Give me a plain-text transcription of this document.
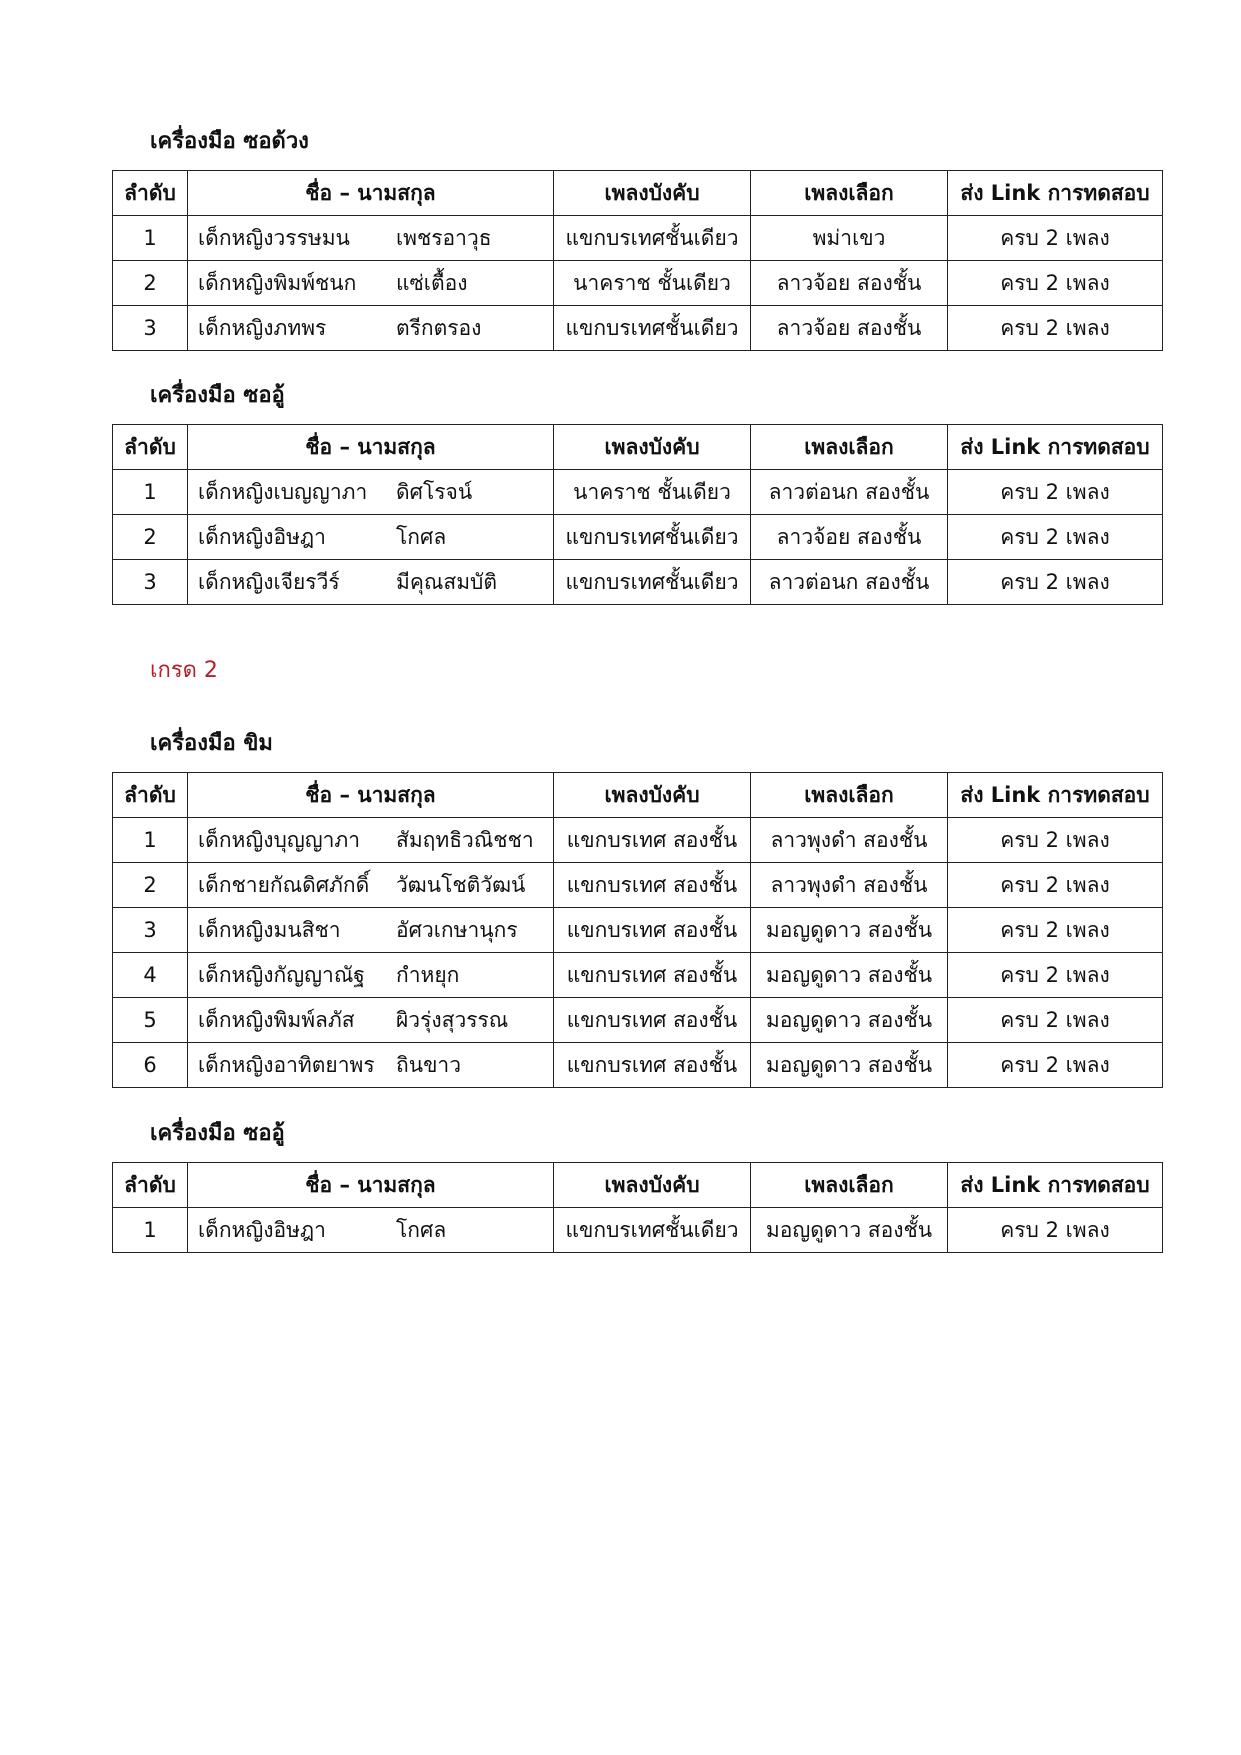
เครื่องมือ ซอด้วง
ลำดับ	ชื่อ – นามสกุล	เพลงบังคับ	เพลงเลือก	ส่ง Link การทดสอบ
1	เด็กหญิงวรรษมน เพชรอาวุธ	แขกบรเทศชั้นเดียว	พม่าเขว	ครบ 2 เพลง
2	เด็กหญิงพิมพ์ชนก แซ่เตื้อง	นาคราช ชั้นเดียว	ลาวจ้อย สองชั้น	ครบ 2 เพลง
3	เด็กหญิงภทพร ตรีกตรอง	แขกบรเทศชั้นเดียว	ลาวจ้อย สองชั้น	ครบ 2 เพลง
เครื่องมือ ซออู้
ลำดับ	ชื่อ – นามสกุล	เพลงบังคับ	เพลงเลือก	ส่ง Link การทดสอบ
1	เด็กหญิงเบญญาภา ดิศโรจน์	นาคราช ชั้นเดียว	ลาวต่อนก สองชั้น	ครบ 2 เพลง
2	เด็กหญิงอิษฎา โกศล	แขกบรเทศชั้นเดียว	ลาวจ้อย สองชั้น	ครบ 2 เพลง
3	เด็กหญิงเจียรวีร์ มีคุณสมบัติ	แขกบรเทศชั้นเดียว	ลาวต่อนก สองชั้น	ครบ 2 เพลง
เกรด 2
เครื่องมือ ขิม
ลำดับ	ชื่อ – นามสกุล	เพลงบังคับ	เพลงเลือก	ส่ง Link การทดสอบ
1	เด็กหญิงบุญญาภา สัมฤทธิวณิชชา	แขกบรเทศ สองชั้น	ลาวพุงดำ สองชั้น	ครบ 2 เพลง
2	เด็กชายกัณดิศภักดิ์ วัฒนโชติวัฒน์	แขกบรเทศ สองชั้น	ลาวพุงดำ สองชั้น	ครบ 2 เพลง
3	เด็กหญิงมนสิชา อัศวเกษานุกร	แขกบรเทศ สองชั้น	มอญดูดาว สองชั้น	ครบ 2 เพลง
4	เด็กหญิงกัญญาณัฐ กำหยุก	แขกบรเทศ สองชั้น	มอญดูดาว สองชั้น	ครบ 2 เพลง
5	เด็กหญิงพิมพ์ลภัส ผิวรุ่งสุวรรณ	แขกบรเทศ สองชั้น	มอญดูดาว สองชั้น	ครบ 2 เพลง
6	เด็กหญิงอาทิตยาพร ถินขาว	แขกบรเทศ สองชั้น	มอญดูดาว สองชั้น	ครบ 2 เพลง
เครื่องมือ ซออู้
ลำดับ	ชื่อ – นามสกุล	เพลงบังคับ	เพลงเลือก	ส่ง Link การทดสอบ
1	เด็กหญิงอิษฎา โกศล	แขกบรเทศชั้นเดียว	มอญดูดาว สองชั้น	ครบ 2 เพลง
